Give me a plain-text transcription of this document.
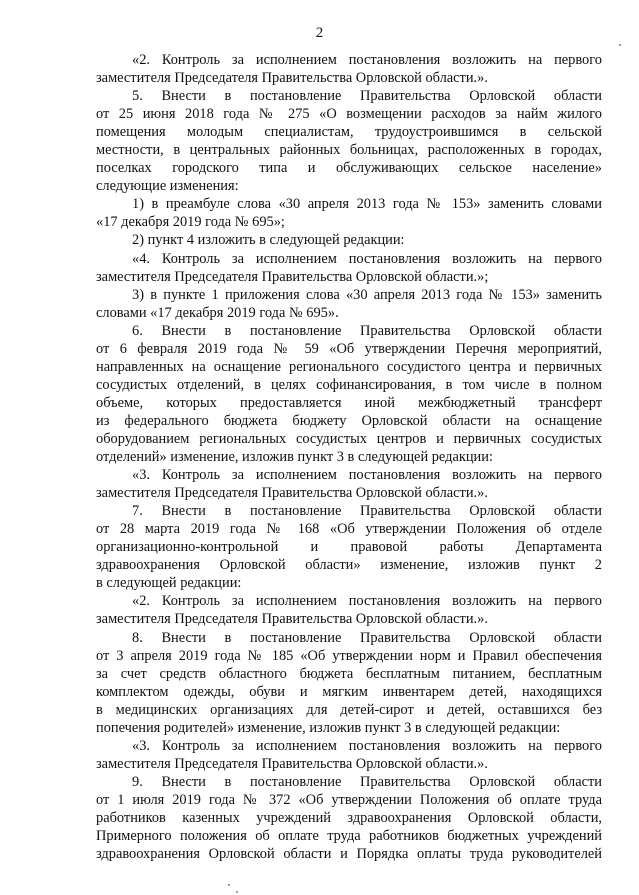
2
«2. Контроль за исполнением постановления возложить на первого
заместителя Председателя Правительства Орловской области.».
5. Внести в постановление Правительства Орловской области
от 25 июня 2018 года № 275 «О возмещении расходов за найм жилого
помещения молодым специалистам, трудоустроившимся в сельской
местности, в центральных районных больницах, расположенных в городах,
поселках городского типа и обслуживающих сельское население»
следующие изменения:
1) в преамбуле слова «30 апреля 2013 года № 153» заменить словами
«17 декабря 2019 года № 695»;
2) пункт 4 изложить в следующей редакции:
«4. Контроль за исполнением постановления возложить на первого
заместителя Председателя Правительства Орловской области.»;
3) в пункте 1 приложения слова «30 апреля 2013 года № 153» заменить
словами «17 декабря 2019 года № 695».
6. Внести в постановление Правительства Орловской области
от 6 февраля 2019 года № 59 «Об утверждении Перечня мероприятий,
направленных на оснащение регионального сосудистого центра и первичных
сосудистых отделений, в целях софинансирования, в том числе в полном
объеме, которых предоставляется иной межбюджетный трансферт
из федерального бюджета бюджету Орловской области на оснащение
оборудованием региональных сосудистых центров и первичных сосудистых
отделений» изменение, изложив пункт 3 в следующей редакции:
«3. Контроль за исполнением постановления возложить на первого
заместителя Председателя Правительства Орловской области.».
7. Внести в постановление Правительства Орловской области
от 28 марта 2019 года № 168 «Об утверждении Положения об отделе
организационно-контрольной и правовой работы Департамента
здравоохранения Орловской области» изменение, изложив пункт 2
в следующей редакции:
«2. Контроль за исполнением постановления возложить на первого
заместителя Председателя Правительства Орловской области.».
8. Внести в постановление Правительства Орловской области
от 3 апреля 2019 года № 185 «Об утверждении норм и Правил обеспечения
за счет средств областного бюджета бесплатным питанием, бесплатным
комплектом одежды, обуви и мягким инвентарем детей, находящихся
в медицинских организациях для детей-сирот и детей, оставшихся без
попечения родителей» изменение, изложив пункт 3 в следующей редакции:
«3. Контроль за исполнением постановления возложить на первого
заместителя Председателя Правительства Орловской области.».
9. Внести в постановление Правительства Орловской области
от 1 июля 2019 года № 372 «Об утверждении Положения об оплате труда
работников казенных учреждений здравоохранения Орловской области,
Примерного положения об оплате труда работников бюджетных учреждений
здравоохранения Орловской области и Порядка оплаты труда руководителей
